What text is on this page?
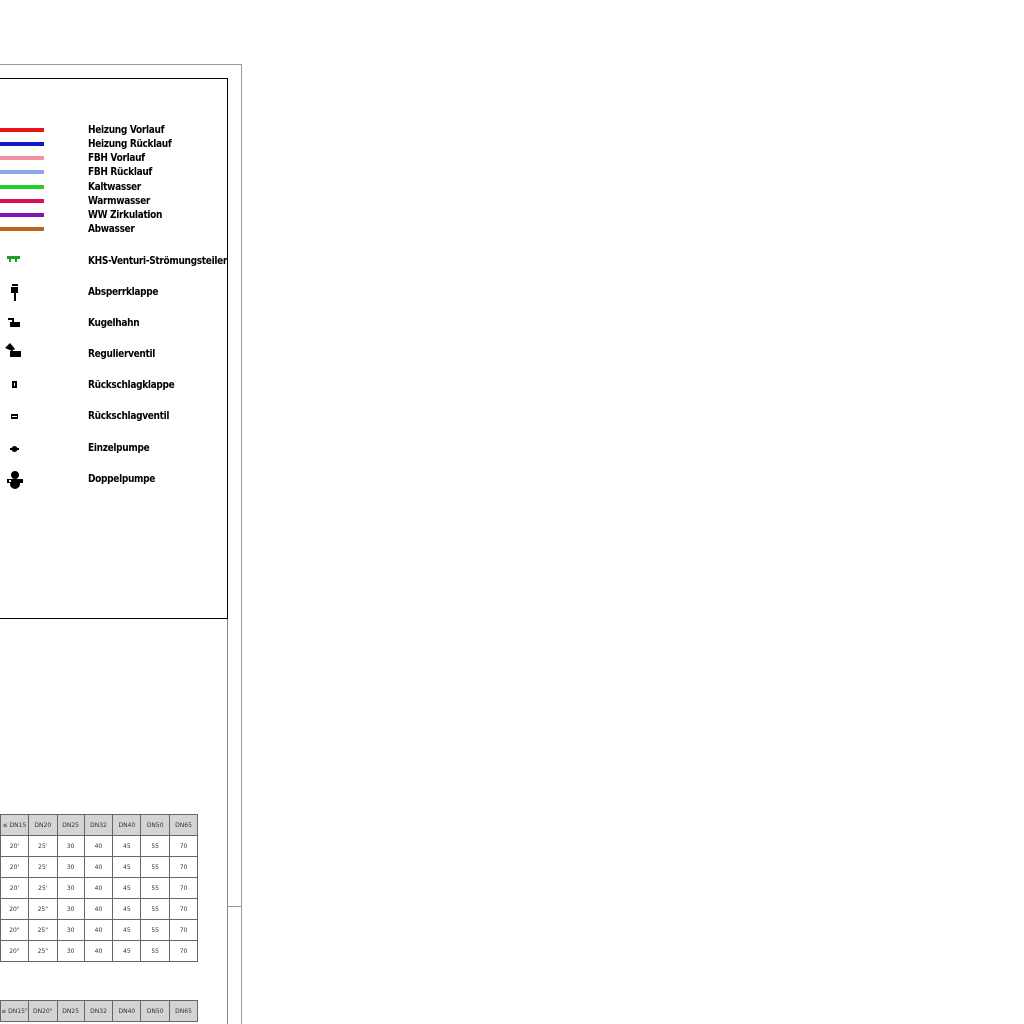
Heizung Vorlauf
Heizung Rücklauf
FBH Vorlauf
FBH Rücklauf
Kaltwasser
Warmwasser
WW Zirkulation
Abwasser
KHS-Venturi-Strömungsteiler
Absperrklappe
Kugelhahn
Regulierventil
Rückschlagklappe
Rückschlagventil
Einzelpumpe
Doppelpumpe
≤ DN15	DN20	DN25	DN32	DN40	DN50	DN65
20'	25'	30	40	45	55	70
20'	25'	30	40	45	55	70
20'	25'	30	40	45	55	70
20"	25"	30	40	45	55	70
20"	25"	30	40	45	55	70
20"	25"	30	40	45	55	70
≤ DN15"	DN20"	DN25	DN32	DN40	DN50	DN65
